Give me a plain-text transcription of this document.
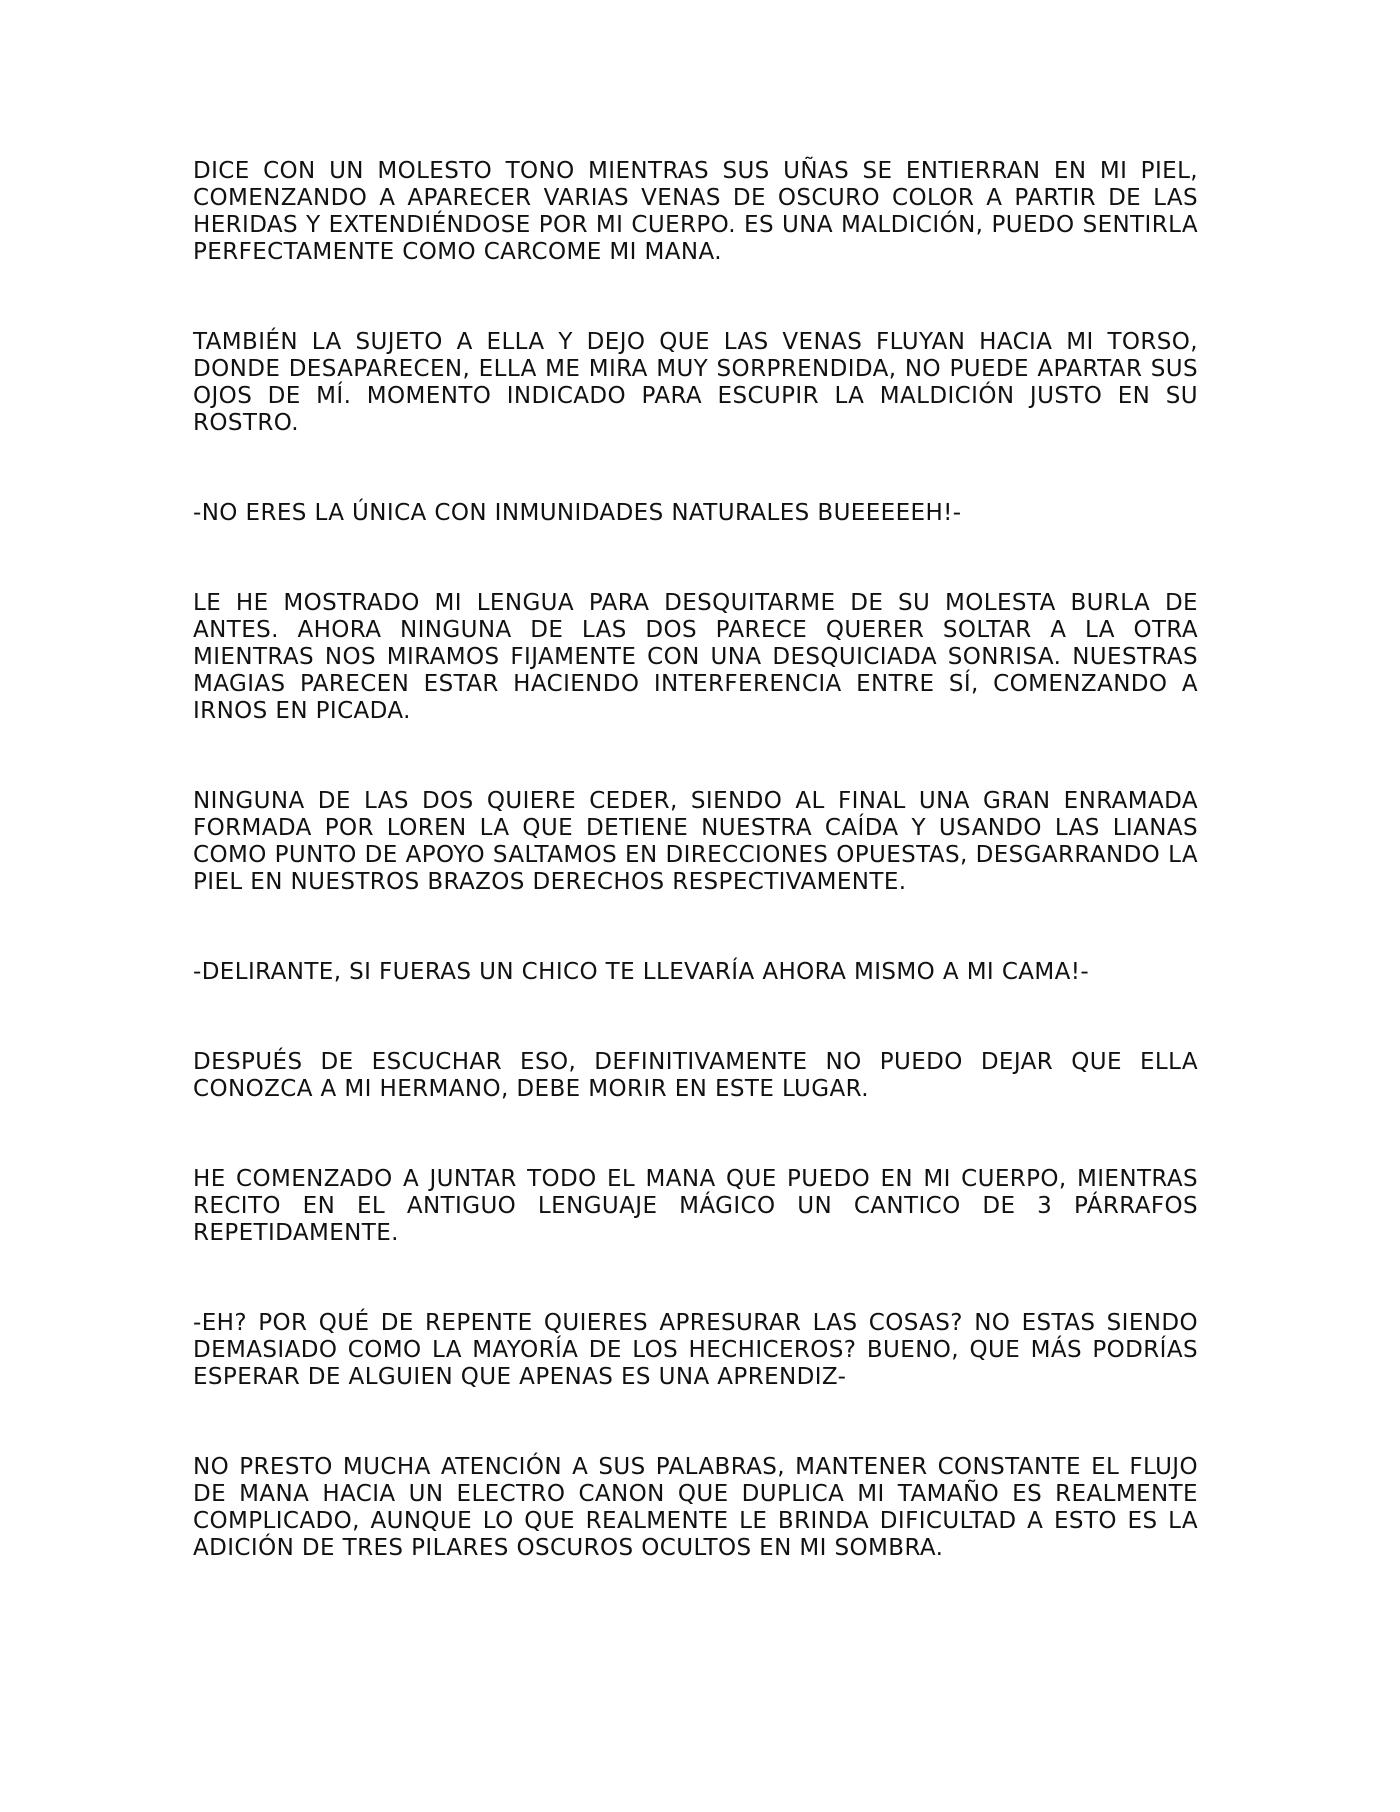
DICE CON UN MOLESTO TONO MIENTRAS SUS UÑAS SE ENTIERRAN EN MI PIEL, COMENZANDO A APARECER VARIAS VENAS DE OSCURO COLOR A PARTIR DE LAS HERIDAS Y EXTENDIÉNDOSE POR MI CUERPO. ES UNA MALDICIÓN, PUEDO SENTIRLA PERFECTAMENTE COMO CARCOME MI MANA.

TAMBIÉN LA SUJETO A ELLA Y DEJO QUE LAS VENAS FLUYAN HACIA MI TORSO, DONDE DESAPARECEN, ELLA ME MIRA MUY SORPRENDIDA, NO PUEDE APARTAR SUS OJOS DE MÍ. MOMENTO INDICADO PARA ESCUPIR LA MALDICIÓN JUSTO EN SU ROSTRO.

-NO ERES LA ÚNICA CON INMUNIDADES NATURALES BUEEEEEH!-

LE HE MOSTRADO MI LENGUA PARA DESQUITARME DE SU MOLESTA BURLA DE ANTES. AHORA NINGUNA DE LAS DOS PARECE QUERER SOLTAR A LA OTRA MIENTRAS NOS MIRAMOS FIJAMENTE CON UNA DESQUICIADA SONRISA. NUESTRAS MAGIAS PARECEN ESTAR HACIENDO INTERFERENCIA ENTRE SÍ, COMENZANDO A IRNOS EN PICADA.

NINGUNA DE LAS DOS QUIERE CEDER, SIENDO AL FINAL UNA GRAN ENRAMADA FORMADA POR LOREN LA QUE DETIENE NUESTRA CAÍDA Y USANDO LAS LIANAS COMO PUNTO DE APOYO SALTAMOS EN DIRECCIONES OPUESTAS, DESGARRANDO LA PIEL EN NUESTROS BRAZOS DERECHOS RESPECTIVAMENTE.

-DELIRANTE, SI FUERAS UN CHICO TE LLEVARÍA AHORA MISMO A MI CAMA!-

DESPUÉS DE ESCUCHAR ESO, DEFINITIVAMENTE NO PUEDO DEJAR QUE ELLA CONOZCA A MI HERMANO, DEBE MORIR EN ESTE LUGAR.

HE COMENZADO A JUNTAR TODO EL MANA QUE PUEDO EN MI CUERPO, MIENTRAS RECITO EN EL ANTIGUO LENGUAJE MÁGICO UN CANTICO DE 3 PÁRRAFOS REPETIDAMENTE.

-EH? POR QUÉ DE REPENTE QUIERES APRESURAR LAS COSAS? NO ESTAS SIENDO DEMASIADO COMO LA MAYORÍA DE LOS HECHICEROS? BUENO, QUE MÁS PODRÍAS ESPERAR DE ALGUIEN QUE APENAS ES UNA APRENDIZ-

NO PRESTO MUCHA ATENCIÓN A SUS PALABRAS, MANTENER CONSTANTE EL FLUJO DE MANA HACIA UN ELECTRO CANON QUE DUPLICA MI TAMAÑO ES REALMENTE COMPLICADO, AUNQUE LO QUE REALMENTE LE BRINDA DIFICULTAD A ESTO ES LA ADICIÓN DE TRES PILARES OSCUROS OCULTOS EN MI SOMBRA.
